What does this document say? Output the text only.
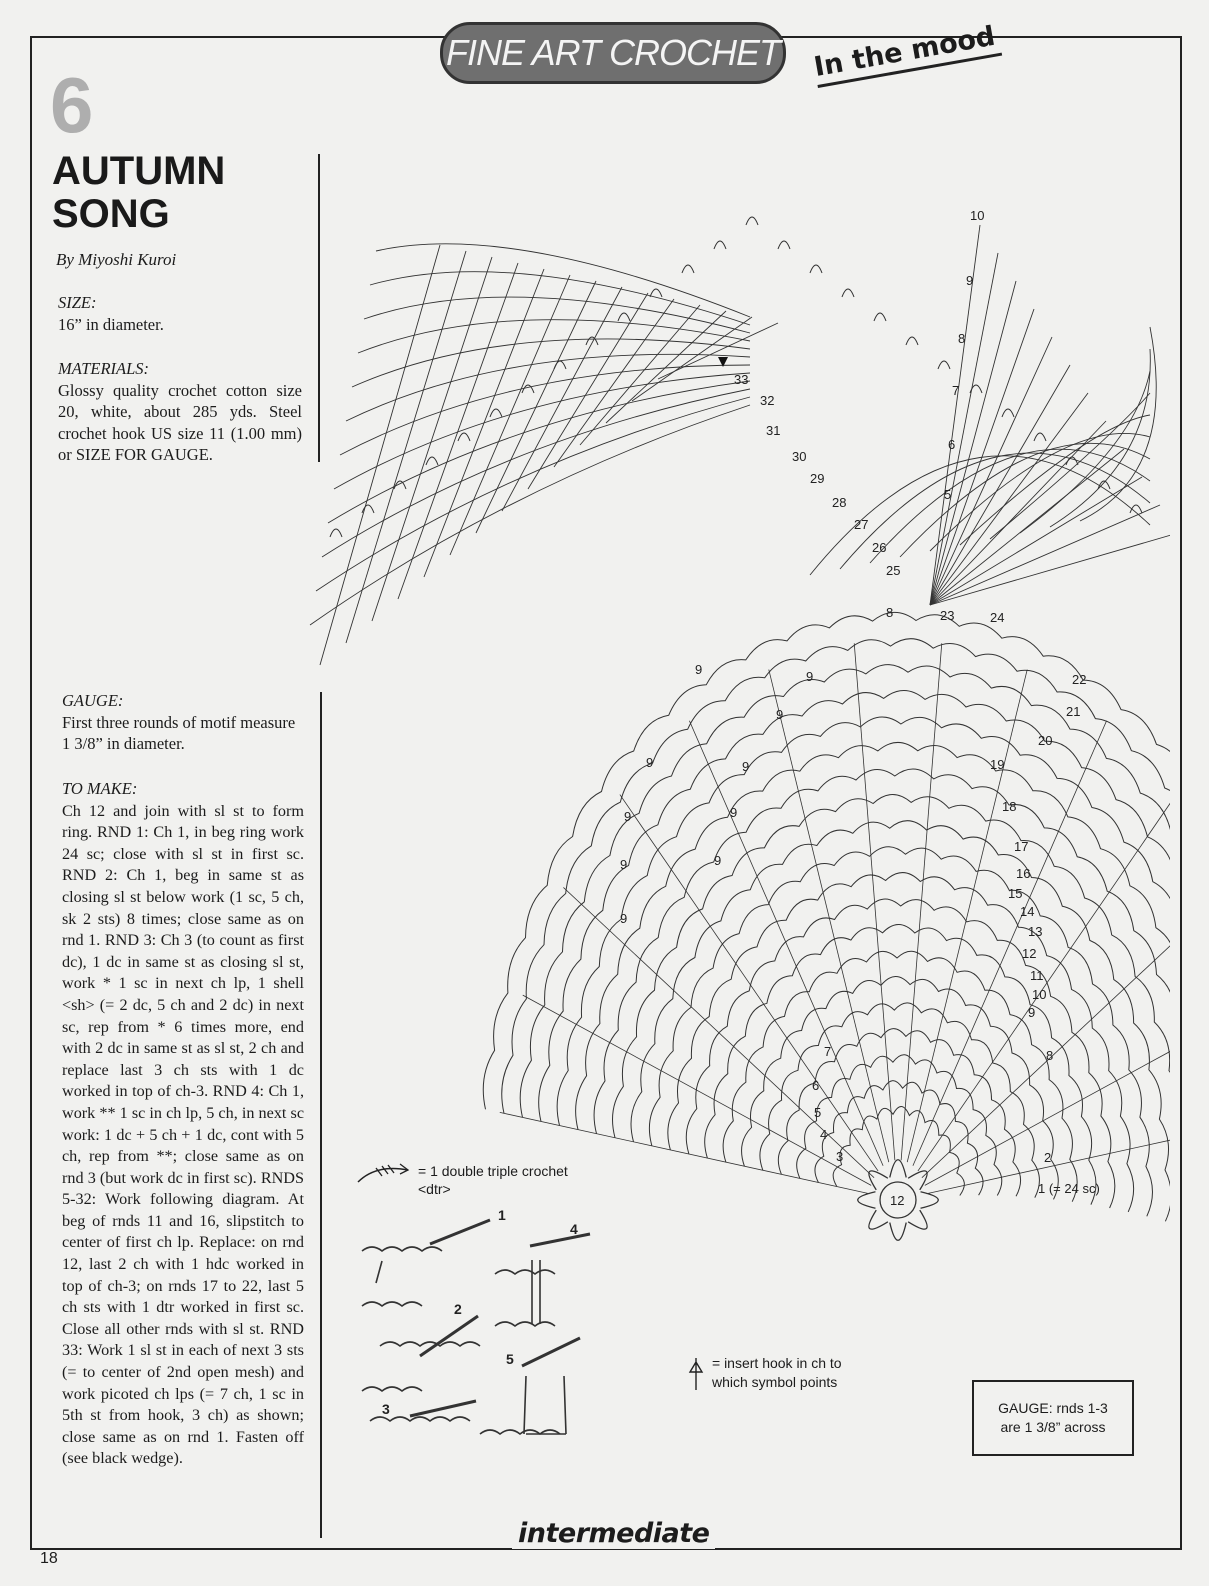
FINE ART CROCHET In the mood
6
AUTUMN
SONG
By Miyoshi Kuroi
SIZE:
16” in diameter.
MATERIALS:
Glossy quality crochet cotton size 20, white, about 285 yds. Steel crochet hook US size 11 (1.00 mm) or SIZE FOR GAUGE.
GAUGE:
First three rounds of motif measure 1 3/8” in diameter.
TO MAKE:
Ch 12 and join with sl st to form ring. RND 1: Ch 1, in beg ring work 24 sc; close with sl st in first sc. RND 2: Ch 1, beg in same st as closing sl st below work (1 sc, 5 ch, sk 2 sts) 8 times; close same as on rnd 1. RND 3: Ch 3 (to count as first dc), 1 dc in same st as closing sl st, work * 1 sc in next ch lp, 1 shell <sh> (= 2 dc, 5 ch and 2 dc) in next sc, rep from * 6 times more, end with 2 dc in same st as sl st, 2 ch and replace last 3 ch sts with 1 dc worked in top of ch-3. RND 4: Ch 1, work ** 1 sc in ch lp, 5 ch, in next sc work: 1 dc + 5 ch + 1 dc, cont with 5 ch, rep from **; close same as on rnd 3 (but work dc in first sc). RNDS 5-32: Work following diagram. At beg of rnds 11 and 16, slipstitch to center of first ch lp. Replace: on rnd 12, last 2 ch with 1 hdc worked in top of ch-3; on rnds 17 to 22, last 5 ch sts with 1 dtr worked in first sc. Close all other rnds with sl st. RND 33: Work 1 sl st in each of next 3 sts (= to center of 2nd open mesh) and work picoted ch lps (= 7 ch, 1 sc in 5th st from hook, 3 ch) as shown; close same as on rnd 1. Fasten off (see black wedge).
12
22
21
20
19
18
17
16
15
14
13
12
11
10
9
8
2
1 (= 24 sc)
3
4
5
6
7
33
32
31
30
29
28
27
26
25
24
23
10
9
8
7
6
5
9	9
9
9	9
9
9
9
9
9
8
= 1 double triple crochet <dtr>
1
2
3
4
5	= insert hook in ch to which symbol points
GAUGE: rnds 1-3
are 1 3/8” across
intermediate
18
